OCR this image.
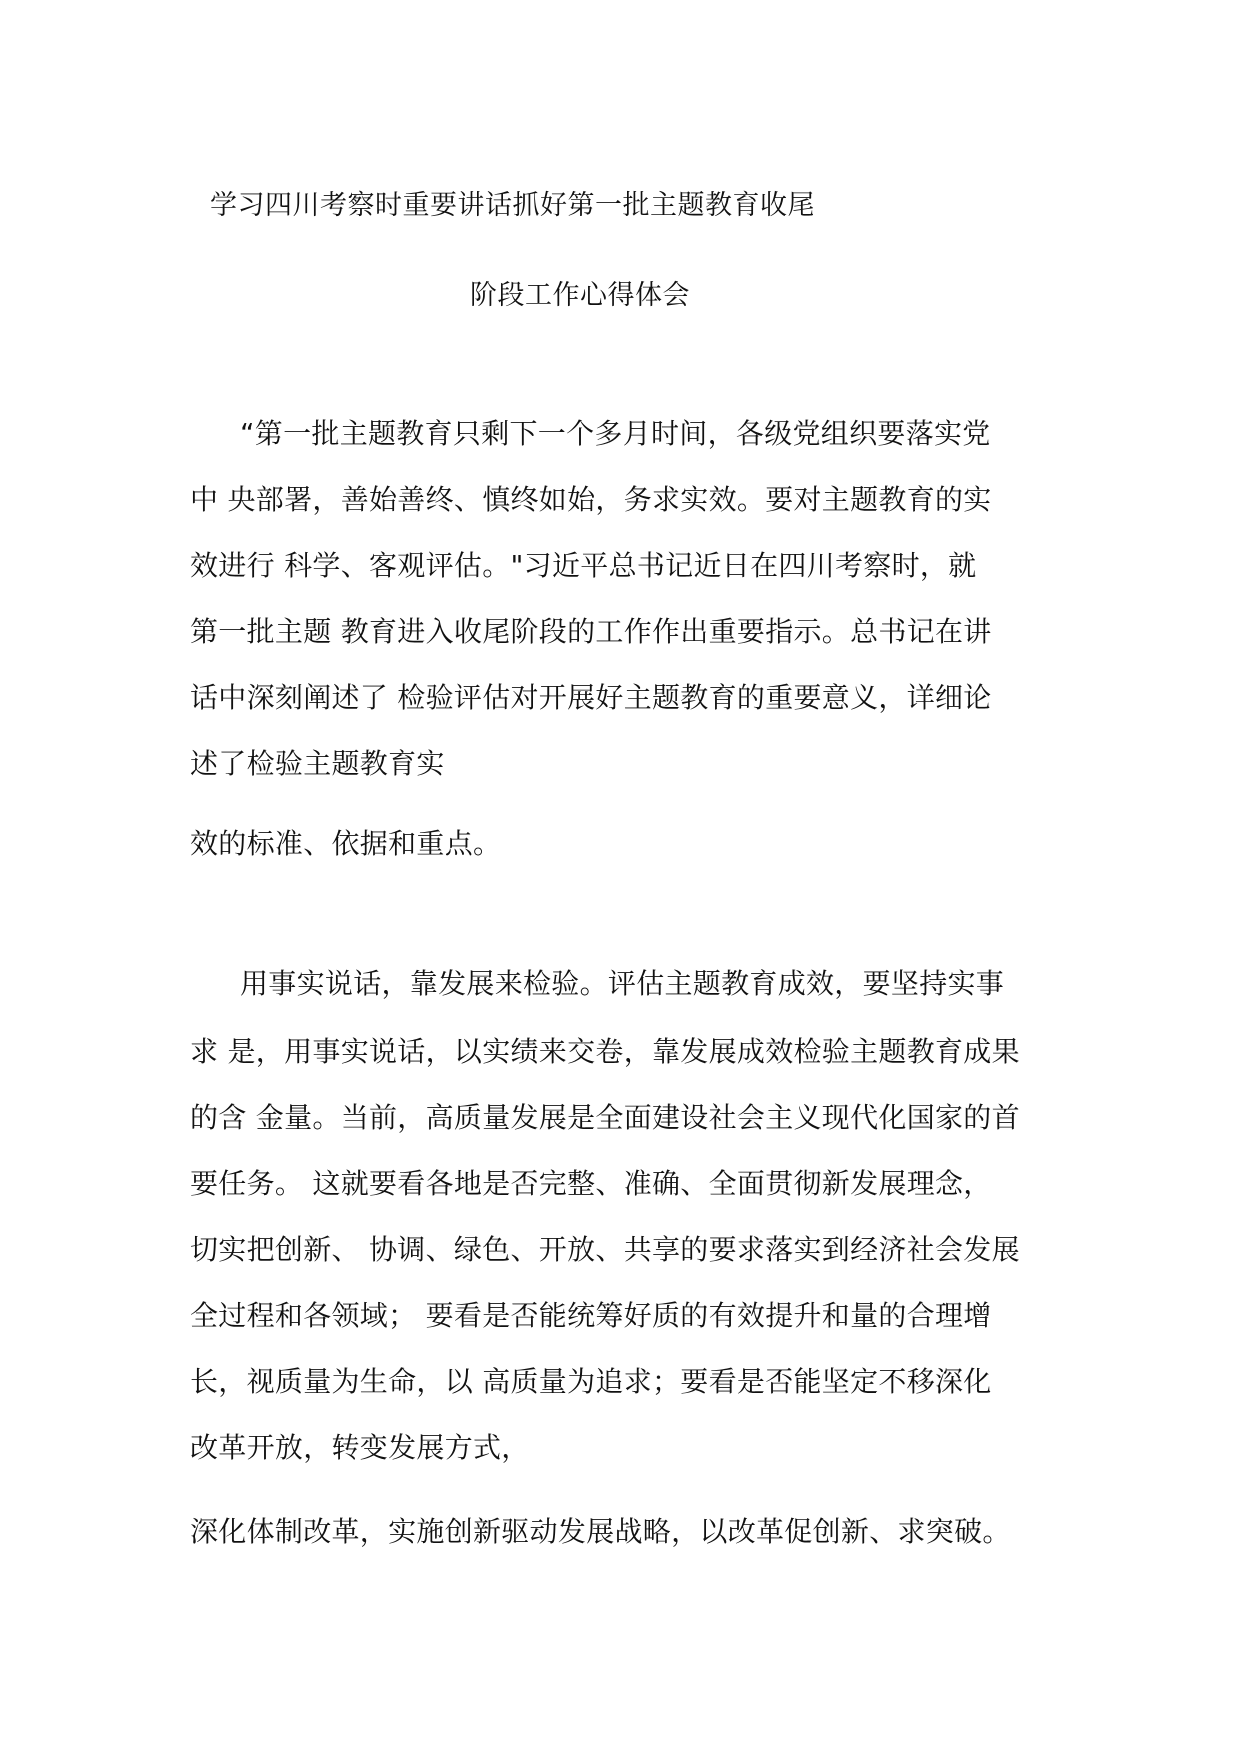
学习四川考察时重要讲话抓好第一批主题教育收尾
阶段工作心得体会
“第一批主题教育只剩下一个多月时间，各级党组织要落实党
中 央部署，善始善终、慎终如始，务求实效。要对主题教育的实
效进行 科学、客观评估。"习近平总书记近日在四川考察时，就
第一批主题 教育进入收尾阶段的工作作出重要指示。总书记在讲
话中深刻阐述了 检验评估对开展好主题教育的重要意义，详细论
述了检验主题教育实
效的标准、依据和重点。
用事实说话，靠发展来检验。评估主题教育成效，要坚持实事
求 是，用事实说话，以实绩来交卷，靠发展成效检验主题教育成果
的含 金量。当前，高质量发展是全面建设社会主义现代化国家的首
要任务。 这就要看各地是否完整、准确、全面贯彻新发展理念，
切实把创新、 协调、绿色、开放、共享的要求落实到经济社会发展
全过程和各领域； 要看是否能统筹好质的有效提升和量的合理增
长，视质量为生命，以 高质量为追求；要看是否能坚定不移深化
改革开放，转变发展方式，
深化体制改革，实施创新驱动发展战略，以改革促创新、求突破。
